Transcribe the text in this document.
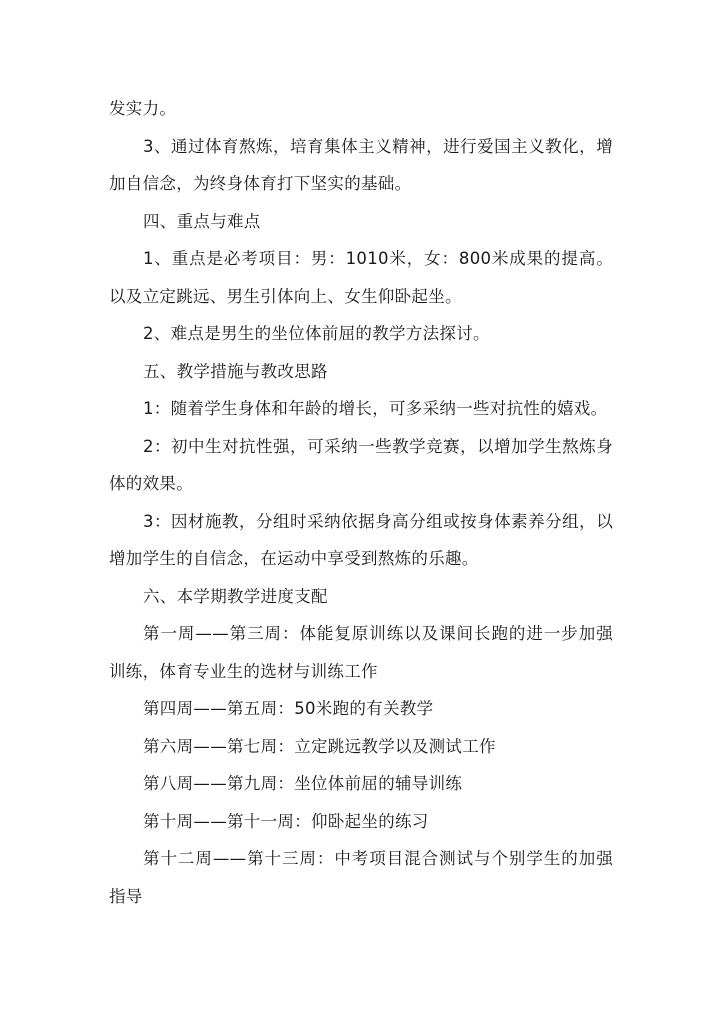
发实力。

3、通过体育熬炼，培育集体主义精神，进行爱国主义教化，增加自信念，为终身体育打下坚实的基础。

四、重点与难点

1、重点是必考项目：男：1010米，女：800米成果的提高。以及立定跳远、男生引体向上、女生仰卧起坐。

2、难点是男生的坐位体前屈的教学方法探讨。

五、教学措施与教改思路

1：随着学生身体和年龄的增长，可多采纳一些对抗性的嬉戏。

2：初中生对抗性强，可采纳一些教学竞赛，以增加学生熬炼身体的效果。

3：因材施教，分组时采纳依据身高分组或按身体素养分组，以增加学生的自信念，在运动中享受到熬炼的乐趣。

六、本学期教学进度支配

第一周——第三周：体能复原训练以及课间长跑的进一步加强训练，体育专业生的选材与训练工作

第四周——第五周：50米跑的有关教学

第六周——第七周：立定跳远教学以及测试工作

第八周——第九周：坐位体前屈的辅导训练

第十周——第十一周：仰卧起坐的练习

第十二周——第十三周：中考项目混合测试与个别学生的加强指导
